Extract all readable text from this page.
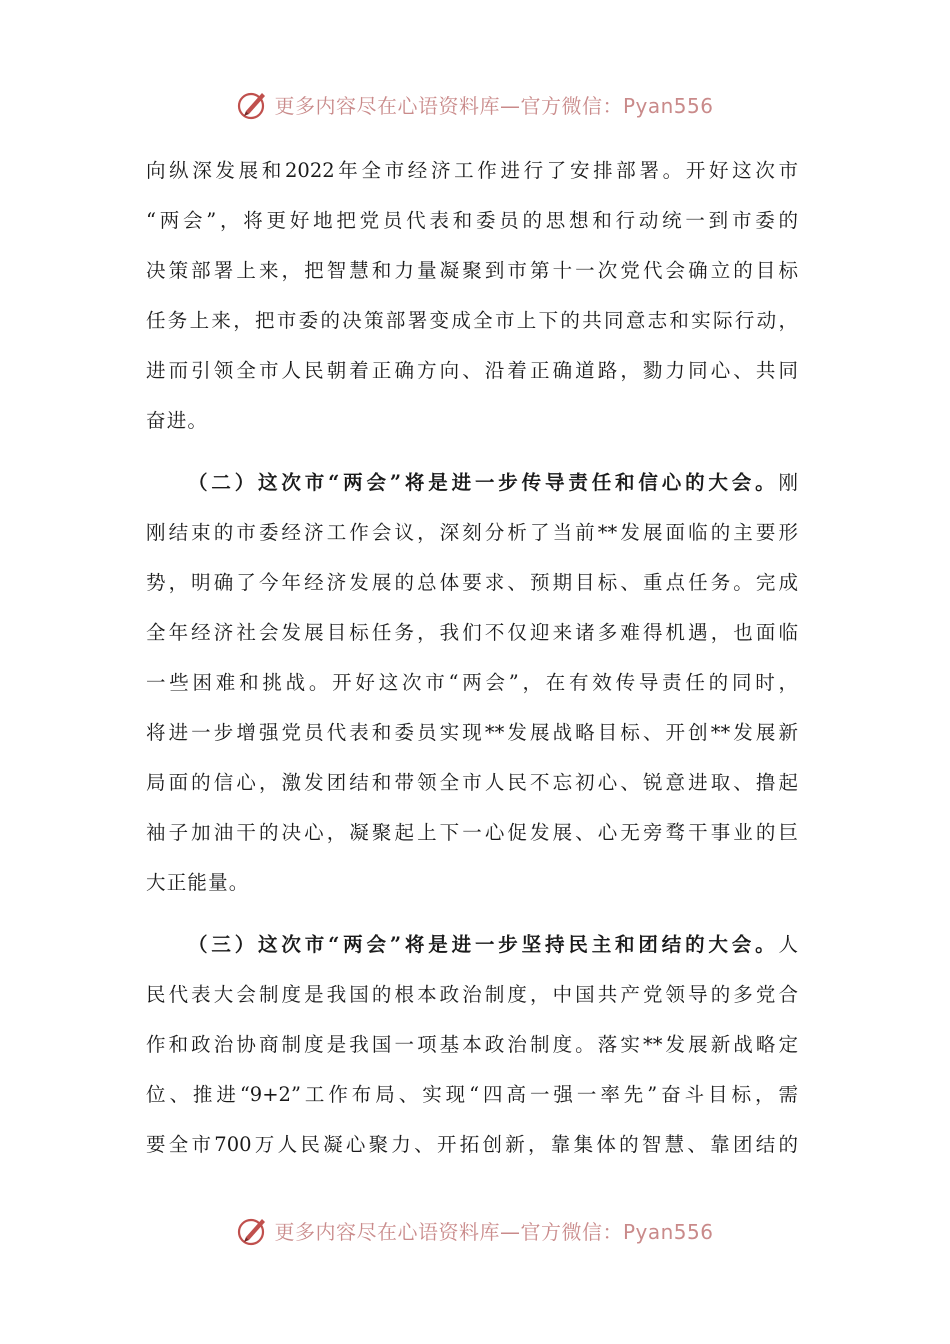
更多内容尽在心语资料库—官方微信：Pyan556
向纵深发展和2022年全市经济工作进行了安排部署。开好这次市
“两会”，将更好地把党员代表和委员的思想和行动统一到市委的
决策部署上来，把智慧和力量凝聚到市第十一次党代会确立的目标
任务上来，把市委的决策部署变成全市上下的共同意志和实际行动，
进而引领全市人民朝着正确方向、沿着正确道路，勠力同心、共同
奋进。
（二）这次市“两会”将是进一步传导责任和信心的大会。刚
刚结束的市委经济工作会议，深刻分析了当前**发展面临的主要形
势，明确了今年经济发展的总体要求、预期目标、重点任务。完成
全年经济社会发展目标任务，我们不仅迎来诸多难得机遇，也面临
一些困难和挑战。开好这次市“两会”，在有效传导责任的同时，
将进一步增强党员代表和委员实现**发展战略目标、开创**发展新
局面的信心，激发团结和带领全市人民不忘初心、锐意进取、撸起
袖子加油干的决心，凝聚起上下一心促发展、心无旁骛干事业的巨
大正能量。
（三）这次市“两会”将是进一步坚持民主和团结的大会。人
民代表大会制度是我国的根本政治制度，中国共产党领导的多党合
作和政治协商制度是我国一项基本政治制度。落实**发展新战略定
位、推进“9+2”工作布局、实现“四高一强一率先”奋斗目标，需
要全市700万人民凝心聚力、开拓创新，靠集体的智慧、靠团结的
更多内容尽在心语资料库—官方微信：Pyan556
